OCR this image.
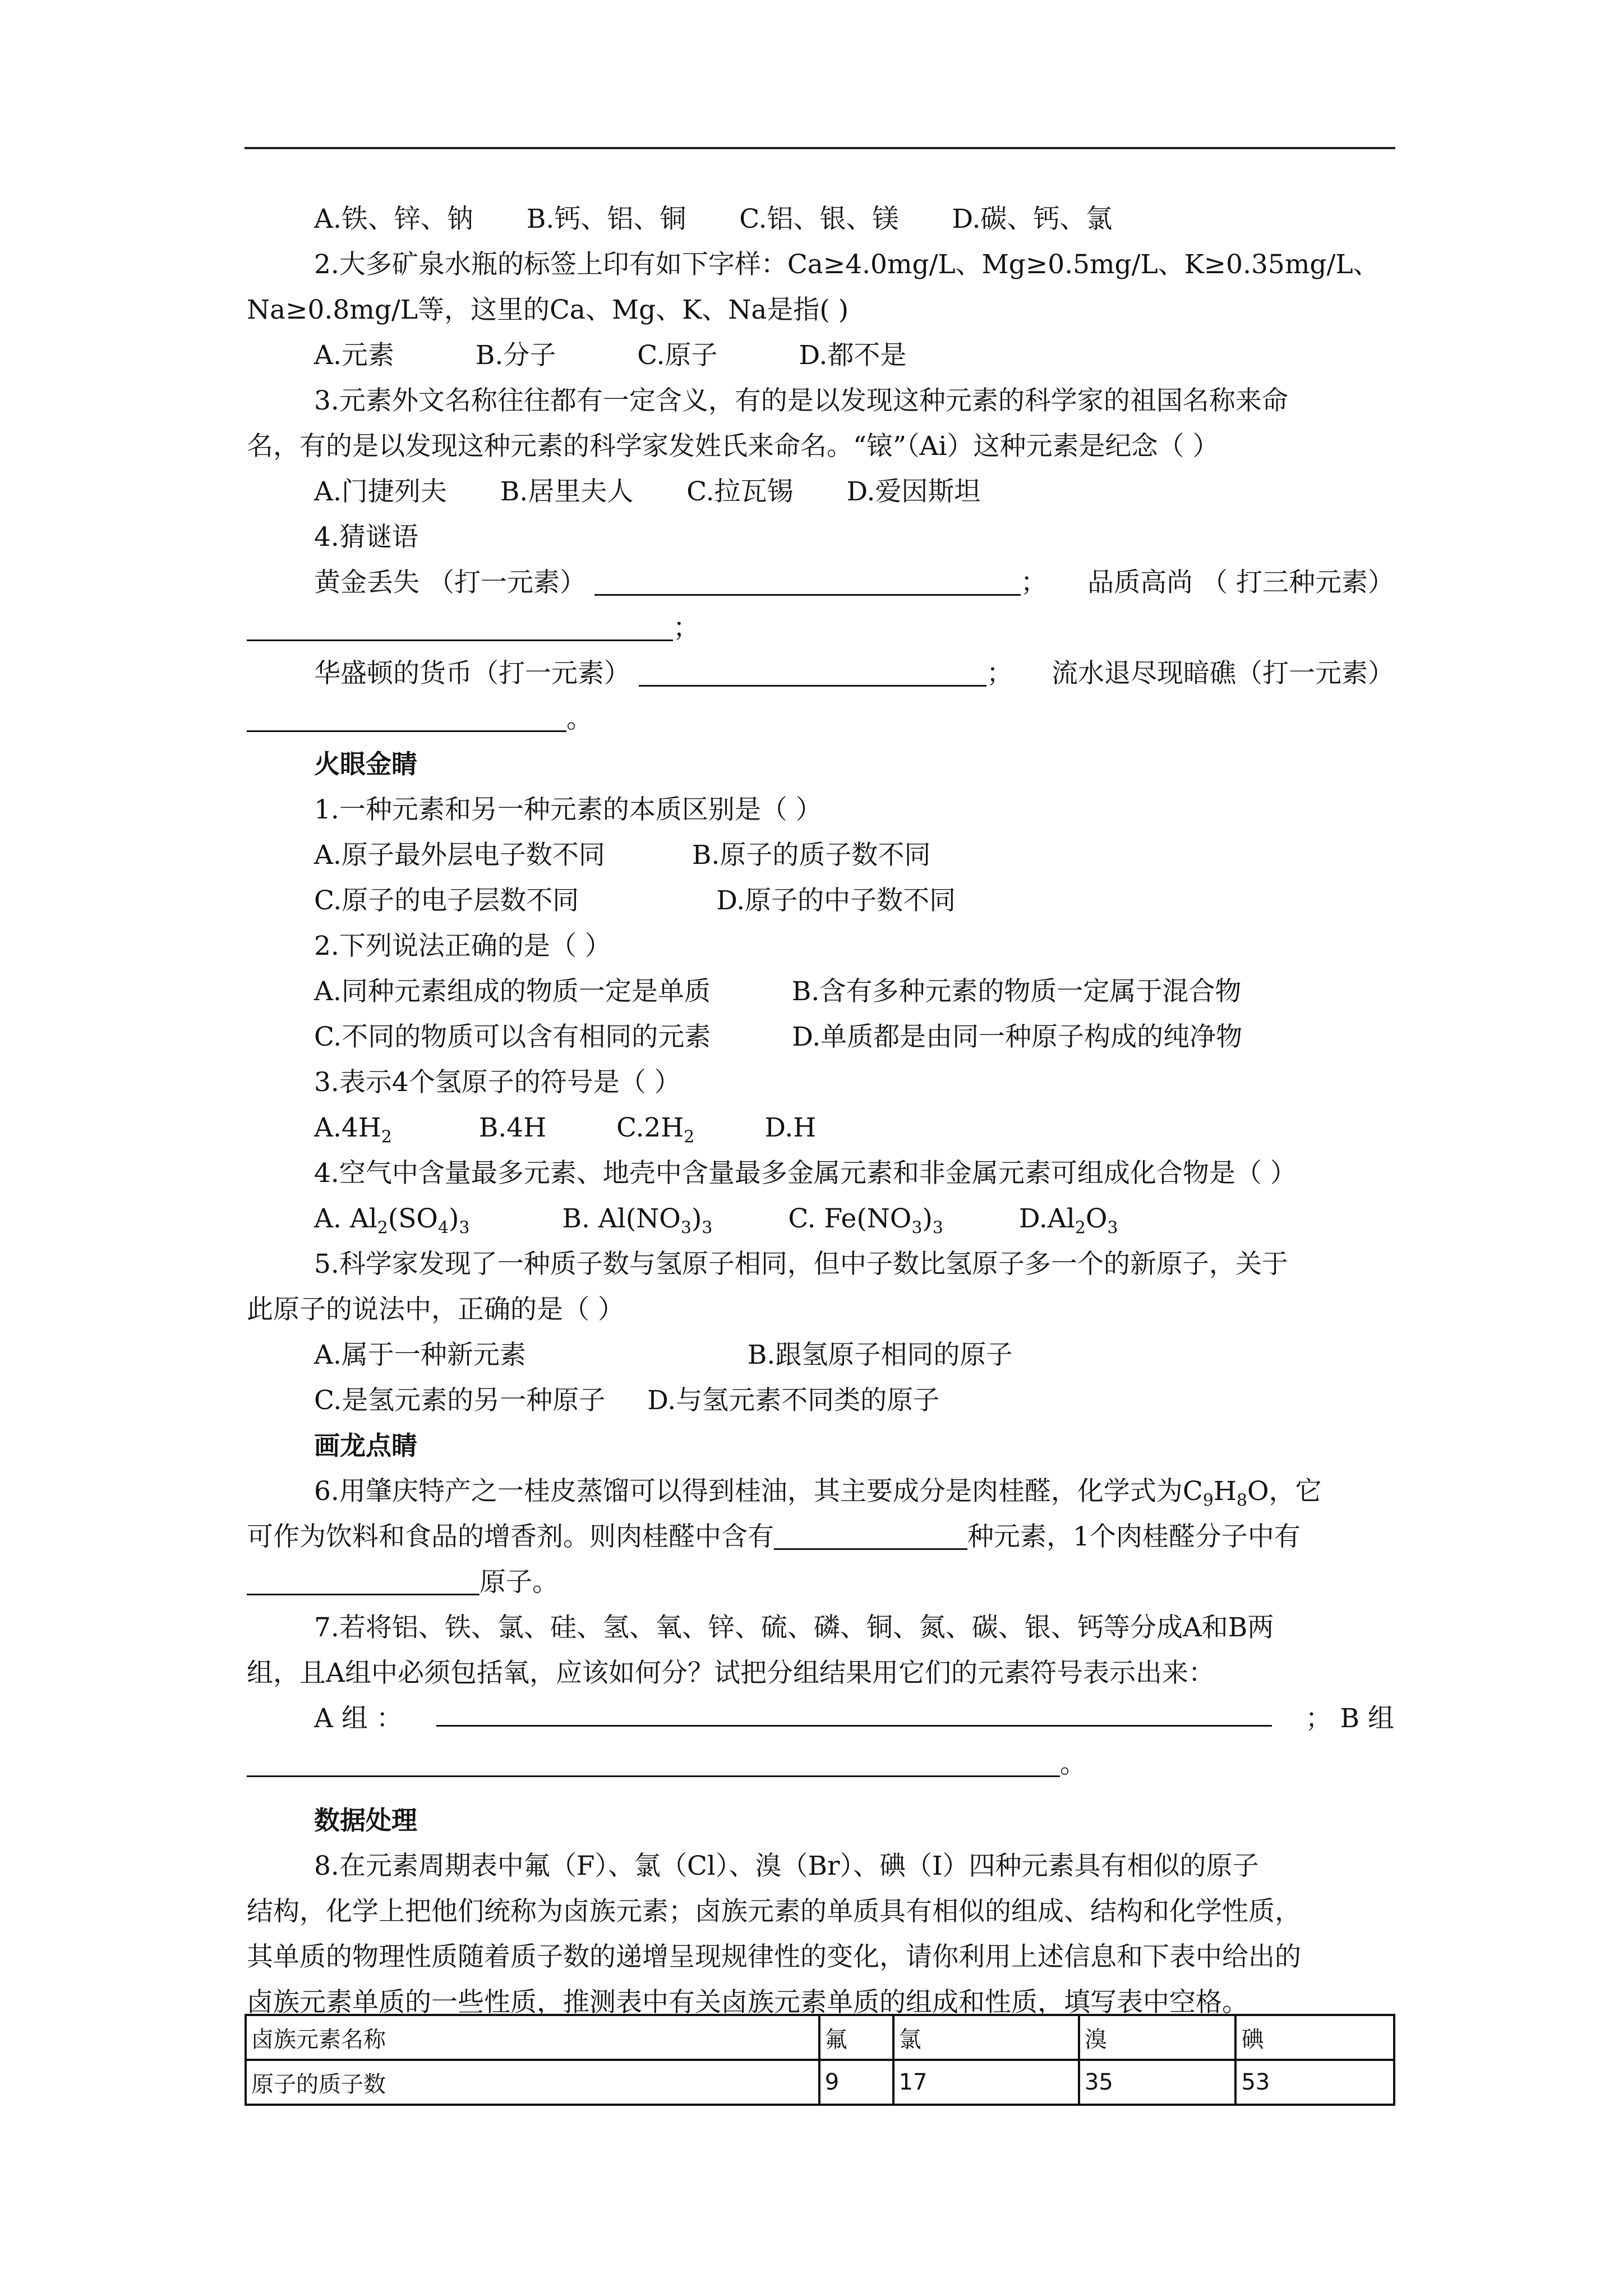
A.铁、锌、钠 B.钙、铝、铜 C.铝、银、镁 D.碳、钙、氯
2.大多矿泉水瓶的标签上印有如下字样：Ca≥4.0mg/L、Mg≥0.5mg/L、K≥0.35mg/L、
Na≥0.8mg/L等，这里的Ca、Mg、K、Na是指( )
A.元素	B.分子	C.原子	D.都不是
3.元素外文名称往往都有一定含义，有的是以发现这种元素的科学家的祖国名称来命
名，有的是以发现这种元素的科学家发姓氏来命名。“锿”（Ai）这种元素是纪念（ ）
A.门捷列夫 B.居里夫人 C.拉瓦锡 D.爱因斯坦
4.猜谜语
黄金丢失 （打一元素）	； 品质高尚 （ 打三种元素）
；
华盛顿的货币（打一元素）	； 流水退尽现暗礁（打一元素）
。
火眼金睛
1.一种元素和另一种元素的本质区别是（ ）
A.原子最外层电子数不同	B.原子的质子数不同
C.原子的电子层数不同	D.原子的中子数不同
2.下列说法正确的是（ ）
A.同种元素组成的物质一定是单质	B.含有多种元素的物质一定属于混合物
C.不同的物质可以含有相同的元素	D.单质都是由同一种原子构成的纯净物
3.表示4个氢原子的符号是（ ）
$A.4H_2$	B.4H	$C.2H_2$	D.H
4.空气中含量最多元素、地壳中含量最多金属元素和非金属元素可组成化合物是（ ）
A. $Al_2(SO_4)_3$	B. $Al(NO_3)_3$	C. $Fe(NO_3)_3$	$D.Al_2O_3$
5.科学家发现了一种质子数与氢原子相同，但中子数比氢原子多一个的新原子，关于
此原子的说法中，正确的是（ ）
A.属于一种新元素	B.跟氢原子相同的原子
C.是氢元素的另一种原子 D.与氢元素不同类的原子
画龙点睛
6.用肇庆特产之一桂皮蒸馏可以得到桂油，其主要成分是肉桂醛，化学式为$C_9H_8O$，它
可作为饮料和食品的增香剂。则肉桂醛中含有	种元素，1个肉桂醛分子中有
原子。
7.若将铝、铁、氯、硅、氢、氧、锌、硫、磷、铜、氮、碳、银、钙等分成A和B两
组，且A组中必须包括氧，应该如何分？试把分组结果用它们的元素符号表示出来：
A 组 ：	； B 组
。
数据处理
8.在元素周期表中氟（F）、氯（Cl）、溴（Br）、碘（I）四种元素具有相似的原子
结构，化学上把他们统称为卤族元素；卤族元素的单质具有相似的组成、结构和化学性质，
其单质的物理性质随着质子数的递增呈现规律性的变化，请你利用上述信息和下表中给出的
卤族元素单质的一些性质，推测表中有关卤族元素单质的组成和性质，填写表中空格。
卤族元素名称	氟	氯	溴	碘
原子的质子数	9	17	35	53
